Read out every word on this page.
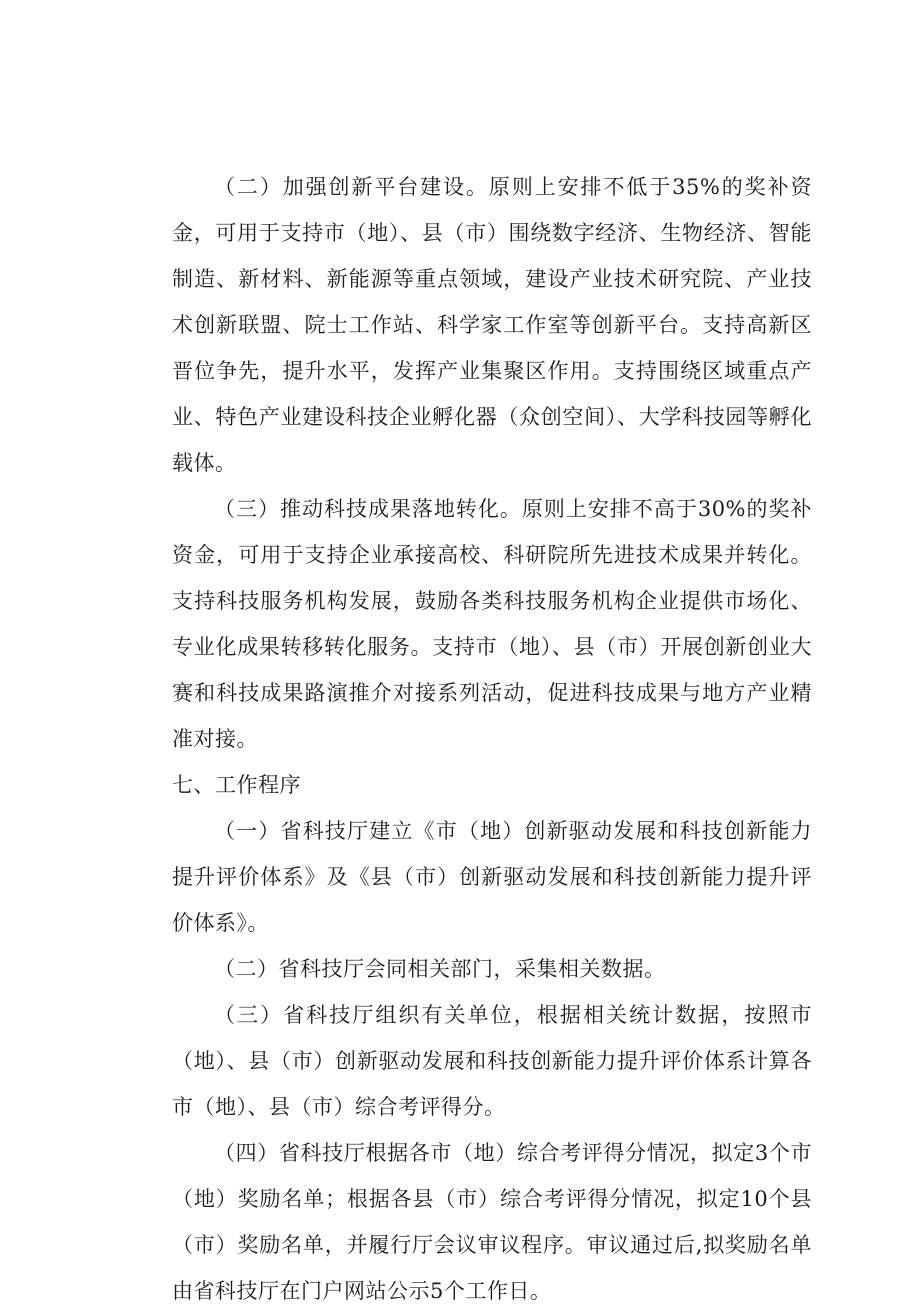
（二）加强创新平台建设。原则上安排不低于35%的奖补资金，可用于支持市（地）、县（市）围绕数字经济、生物经济、智能制造、新材料、新能源等重点领域，建设产业技术研究院、产业技术创新联盟、院士工作站、科学家工作室等创新平台。支持高新区晋位争先，提升水平，发挥产业集聚区作用。支持围绕区域重点产业、特色产业建设科技企业孵化器（众创空间）、大学科技园等孵化载体。

（三）推动科技成果落地转化。原则上安排不高于30%的奖补资金，可用于支持企业承接高校、科研院所先进技术成果并转化。支持科技服务机构发展，鼓励各类科技服务机构企业提供市场化、专业化成果转移转化服务。支持市（地）、县（市）开展创新创业大赛和科技成果路演推介对接系列活动，促进科技成果与地方产业精准对接。

七、工作程序

（一）省科技厅建立《市（地）创新驱动发展和科技创新能力提升评价体系》及《县（市）创新驱动发展和科技创新能力提升评价体系》。

（二）省科技厅会同相关部门，采集相关数据。

（三）省科技厅组织有关单位，根据相关统计数据，按照市（地）、县（市）创新驱动发展和科技创新能力提升评价体系计算各市（地）、县（市）综合考评得分。

（四）省科技厅根据各市（地）综合考评得分情况，拟定3个市（地）奖励名单；根据各县（市）综合考评得分情况，拟定10个县（市）奖励名单，并履行厅会议审议程序。审议通过后,拟奖励名单由省科技厅在门户网站公示5个工作日。
